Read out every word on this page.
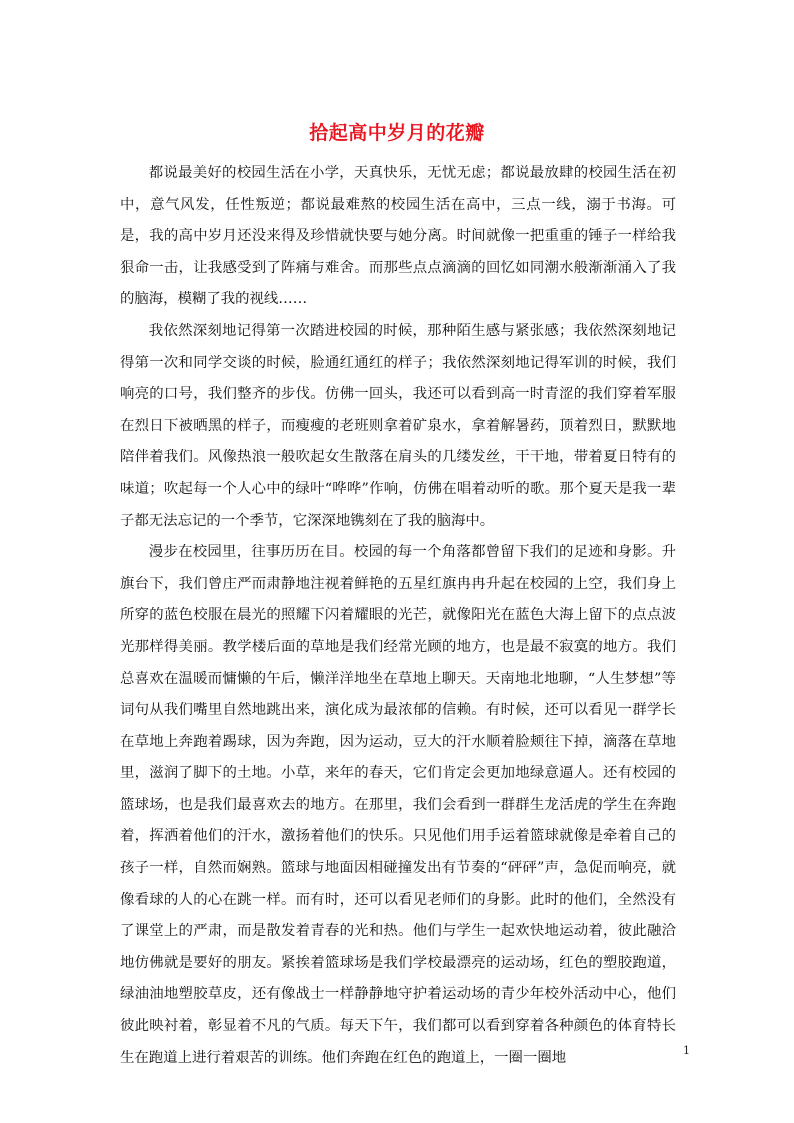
拾起高中岁月的花瓣

都说最美好的校园生活在小学，天真快乐，无忧无虑；都说最放肆的校园生活在初中，意气风发，任性叛逆；都说最难熬的校园生活在高中，三点一线，溺于书海。可是，我的高中岁月还没来得及珍惜就快要与她分离。时间就像一把重重的锤子一样给我狠命一击，让我感受到了阵痛与难舍。而那些点点滴滴的回忆如同潮水般渐渐涌入了我的脑海，模糊了我的视线……

我依然深刻地记得第一次踏进校园的时候，那种陌生感与紧张感；我依然深刻地记得第一次和同学交谈的时候，脸通红通红的样子；我依然深刻地记得军训的时候，我们响亮的口号，我们整齐的步伐。仿佛一回头，我还可以看到高一时青涩的我们穿着军服在烈日下被晒黑的样子，而瘦瘦的老班则拿着矿泉水，拿着解暑药，顶着烈日，默默地陪伴着我们。风像热浪一般吹起女生散落在肩头的几缕发丝，干干地，带着夏日特有的味道；吹起每一个人心中的绿叶“哗哗”作响，仿佛在唱着动听的歌。那个夏天是我一辈子都无法忘记的一个季节，它深深地镌刻在了我的脑海中。

漫步在校园里，往事历历在目。校园的每一个角落都曾留下我们的足迹和身影。升旗台下，我们曾庄严而肃静地注视着鲜艳的五星红旗冉冉升起在校园的上空，我们身上所穿的蓝色校服在晨光的照耀下闪着耀眼的光芒，就像阳光在蓝色大海上留下的点点波光那样得美丽。教学楼后面的草地是我们经常光顾的地方，也是最不寂寞的地方。我们总喜欢在温暖而慵懒的午后，懒洋洋地坐在草地上聊天。天南地北地聊，“人生梦想”等词句从我们嘴里自然地跳出来，演化成为最浓郁的信赖。有时候，还可以看见一群学长在草地上奔跑着踢球，因为奔跑，因为运动，豆大的汗水顺着脸颊往下掉，滴落在草地里，滋润了脚下的土地。小草，来年的春天，它们肯定会更加地绿意逼人。还有校园的篮球场，也是我们最喜欢去的地方。在那里，我们会看到一群群生龙活虎的学生在奔跑着，挥洒着他们的汗水，激扬着他们的快乐。只见他们用手运着篮球就像是牵着自己的孩子一样，自然而娴熟。篮球与地面因相碰撞发出有节奏的“砰砰”声，急促而响亮，就像看球的人的心在跳一样。而有时，还可以看见老师们的身影。此时的他们，全然没有了课堂上的严肃，而是散发着青春的光和热。他们与学生一起欢快地运动着，彼此融洽地仿佛就是要好的朋友。紧挨着篮球场是我们学校最漂亮的运动场，红色的塑胶跑道，绿油油地塑胶草皮，还有像战士一样静静地守护着运动场的青少年校外活动中心，他们彼此映衬着，彰显着不凡的气质。每天下午，我们都可以看到穿着各种颜色的体育特长生在跑道上进行着艰苦的训练。他们奔跑在红色的跑道上，一圈一圈地	1
